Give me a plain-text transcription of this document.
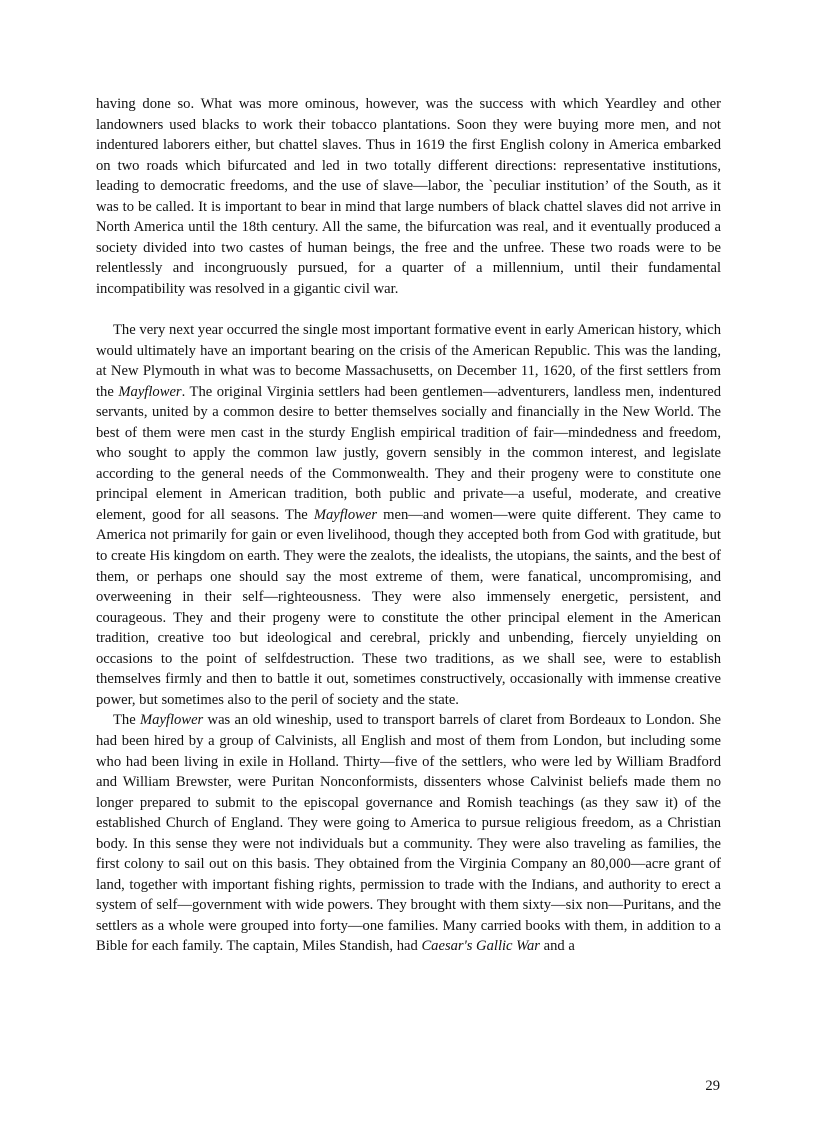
having done so. What was more ominous, however, was the success with which Yeardley and other landowners used blacks to work their tobacco plantations. Soon they were buying more men, and not indentured laborers either, but chattel slaves. Thus in 1619 the first English colony in America embarked on two roads which bifurcated and led in two totally different directions: representative institutions, leading to democratic freedoms, and the use of slave—labor, the `peculiar institution’ of the South, as it was to be called. It is important to bear in mind that large numbers of black chattel slaves did not arrive in North America until the 18th century. All the same, the bifurcation was real, and it eventually produced a society divided into two castes of human beings, the free and the unfree. These two roads were to be relentlessly and incongruously pursued, for a quarter of a millennium, until their fundamental incompatibility was resolved in a gigantic civil war.

The very next year occurred the single most important formative event in early American history, which would ultimately have an important bearing on the crisis of the American Republic. This was the landing, at New Plymouth in what was to become Massachusetts, on December 11, 1620, of the first settlers from the Mayflower. The original Virginia settlers had been gentlemen—adventurers, landless men, indentured servants, united by a common desire to better themselves socially and financially in the New World. The best of them were men cast in the sturdy English empirical tradition of fair—mindedness and freedom, who sought to apply the common law justly, govern sensibly in the common interest, and legislate according to the general needs of the Commonwealth. They and their progeny were to constitute one principal element in American tradition, both public and private—a useful, moderate, and creative element, good for all seasons. The Mayflower men—and women—were quite different. They came to America not primarily for gain or even livelihood, though they accepted both from God with gratitude, but to create His kingdom on earth. They were the zealots, the idealists, the utopians, the saints, and the best of them, or perhaps one should say the most extreme of them, were fanatical, uncompromising, and overweening in their self—righteousness. They were also immensely energetic, persistent, and courageous. They and their progeny were to constitute the other principal element in the American tradition, creative too but ideological and cerebral, prickly and unbending, fiercely unyielding on occasions to the point of selfdestruction. These two traditions, as we shall see, were to establish themselves firmly and then to battle it out, sometimes constructively, occasionally with immense creative power, but sometimes also to the peril of society and the state.

The Mayflower was an old wineship, used to transport barrels of claret from Bordeaux to London. She had been hired by a group of Calvinists, all English and most of them from London, but including some who had been living in exile in Holland. Thirty—five of the settlers, who were led by William Bradford and William Brewster, were Puritan Nonconformists, dissenters whose Calvinist beliefs made them no longer prepared to submit to the episcopal governance and Romish teachings (as they saw it) of the established Church of England. They were going to America to pursue religious freedom, as a Christian body. In this sense they were not individuals but a community. They were also traveling as families, the first colony to sail out on this basis. They obtained from the Virginia Company an 80,000—acre grant of land, together with important fishing rights, permission to trade with the Indians, and authority to erect a system of self—government with wide powers. They brought with them sixty—six non—Puritans, and the settlers as a whole were grouped into forty—one families. Many carried books with them, in addition to a Bible for each family. The captain, Miles Standish, had Caesar's Gallic War and a

29
